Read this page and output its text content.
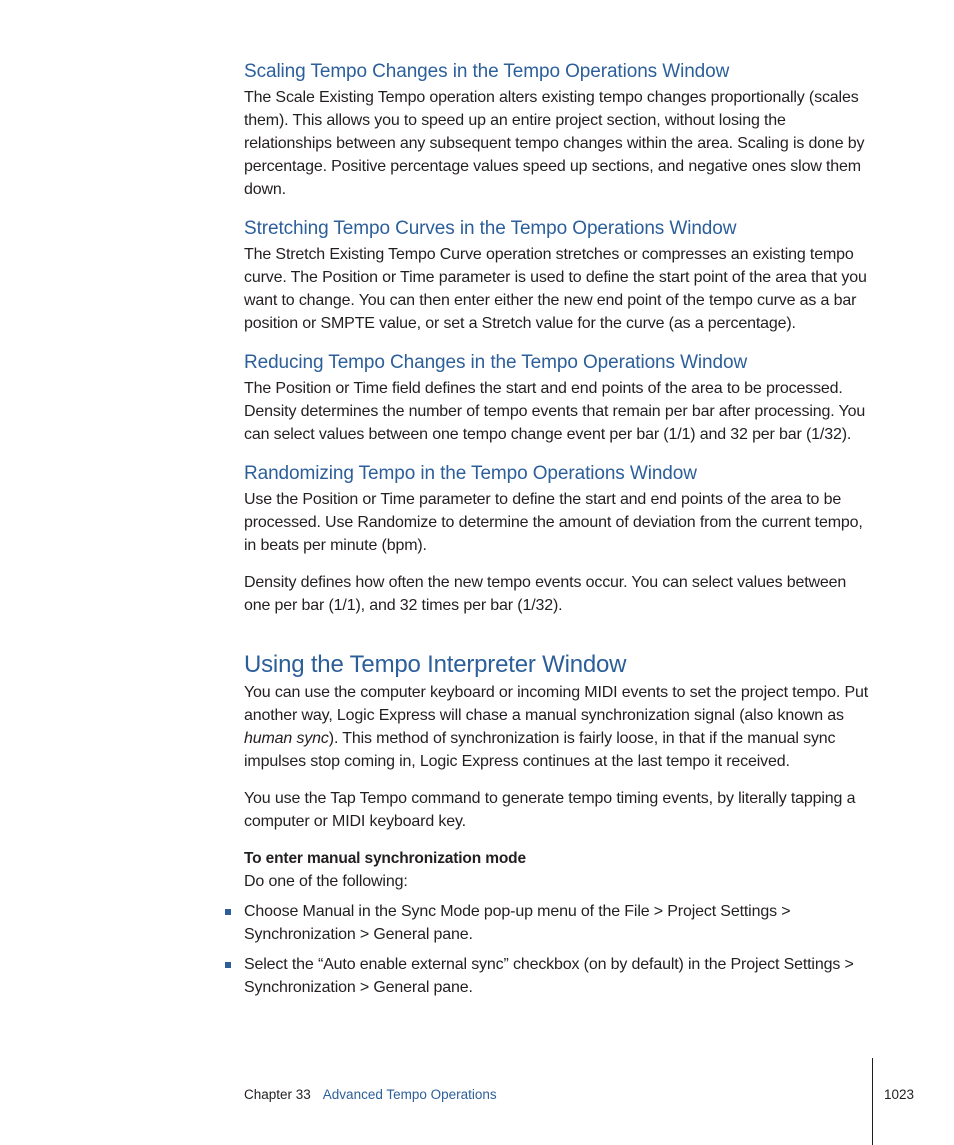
Scaling Tempo Changes in the Tempo Operations Window

The Scale Existing Tempo operation alters existing tempo changes proportionally (scales them). This allows you to speed up an entire project section, without losing the relationships between any subsequent tempo changes within the area. Scaling is done by percentage. Positive percentage values speed up sections, and negative ones slow them down.

Stretching Tempo Curves in the Tempo Operations Window

The Stretch Existing Tempo Curve operation stretches or compresses an existing tempo curve. The Position or Time parameter is used to define the start point of the area that you want to change. You can then enter either the new end point of the tempo curve as a bar position or SMPTE value, or set a Stretch value for the curve (as a percentage).

Reducing Tempo Changes in the Tempo Operations Window

The Position or Time field defines the start and end points of the area to be processed. Density determines the number of tempo events that remain per bar after processing. You can select values between one tempo change event per bar (1/1) and 32 per bar (1/32).

Randomizing Tempo in the Tempo Operations Window

Use the Position or Time parameter to define the start and end points of the area to be processed. Use Randomize to determine the amount of deviation from the current tempo, in beats per minute (bpm).

Density defines how often the new tempo events occur. You can select values between one per bar (1/1), and 32 times per bar (1/32).

Using the Tempo Interpreter Window

You can use the computer keyboard or incoming MIDI events to set the project tempo. Put another way, Logic Express will chase a manual synchronization signal (also known as human sync). This method of synchronization is fairly loose, in that if the manual sync impulses stop coming in, Logic Express continues at the last tempo it received.

You use the Tap Tempo command to generate tempo timing events, by literally tapping a computer or MIDI keyboard key.

To enter manual synchronization mode

Do one of the following:

Choose Manual in the Sync Mode pop-up menu of the File > Project Settings > Synchronization > General pane.
Select the “Auto enable external sync” checkbox (on by default) in the Project Settings > Synchronization > General pane.
Chapter 33 Advanced Tempo Operations	1023
